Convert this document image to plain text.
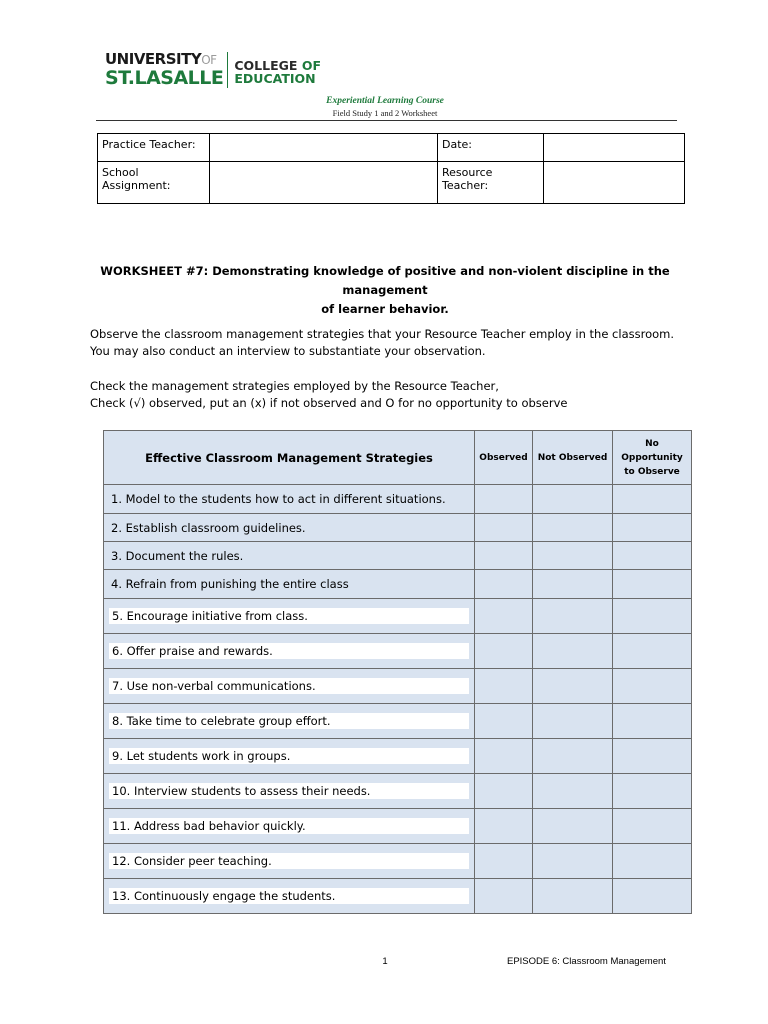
UNIVERSITYOF
ST.LASALLE
COLLEGE OF
EDUCATION
Experiential Learning Course
Field Study 1 and 2 Worksheet
Practice Teacher:		Date:	
School Assignment:		Resource
Teacher:	
WORKSHEET #7: Demonstrating knowledge of positive and non-violent discipline in the management
of learner behavior.
Observe the classroom management strategies that your Resource Teacher employ in the classroom.
You may also conduct an interview to substantiate your observation.
Check the management strategies employed by the Resource Teacher,
Check (√) observed, put an (x) if not observed and O for no opportunity to observe
Effective Classroom Management Strategies	Observed	Not Observed	No
Opportunity
to Observe

1. Model to the students how to act in different situations.			

2. Establish classroom guidelines.			

3. Document the rules.			

4. Refrain from punishing the entire class			

5. Encourage initiative from class.			

6. Offer praise and rewards.			

7. Use non-verbal communications.			

8. Take time to celebrate group effort.			

9. Let students work in groups.			

10. Interview students to assess their needs.			

11. Address bad behavior quickly.			

12. Consider peer teaching.			

13. Continuously engage the students.			

1	EPISODE 6: Classroom Management
